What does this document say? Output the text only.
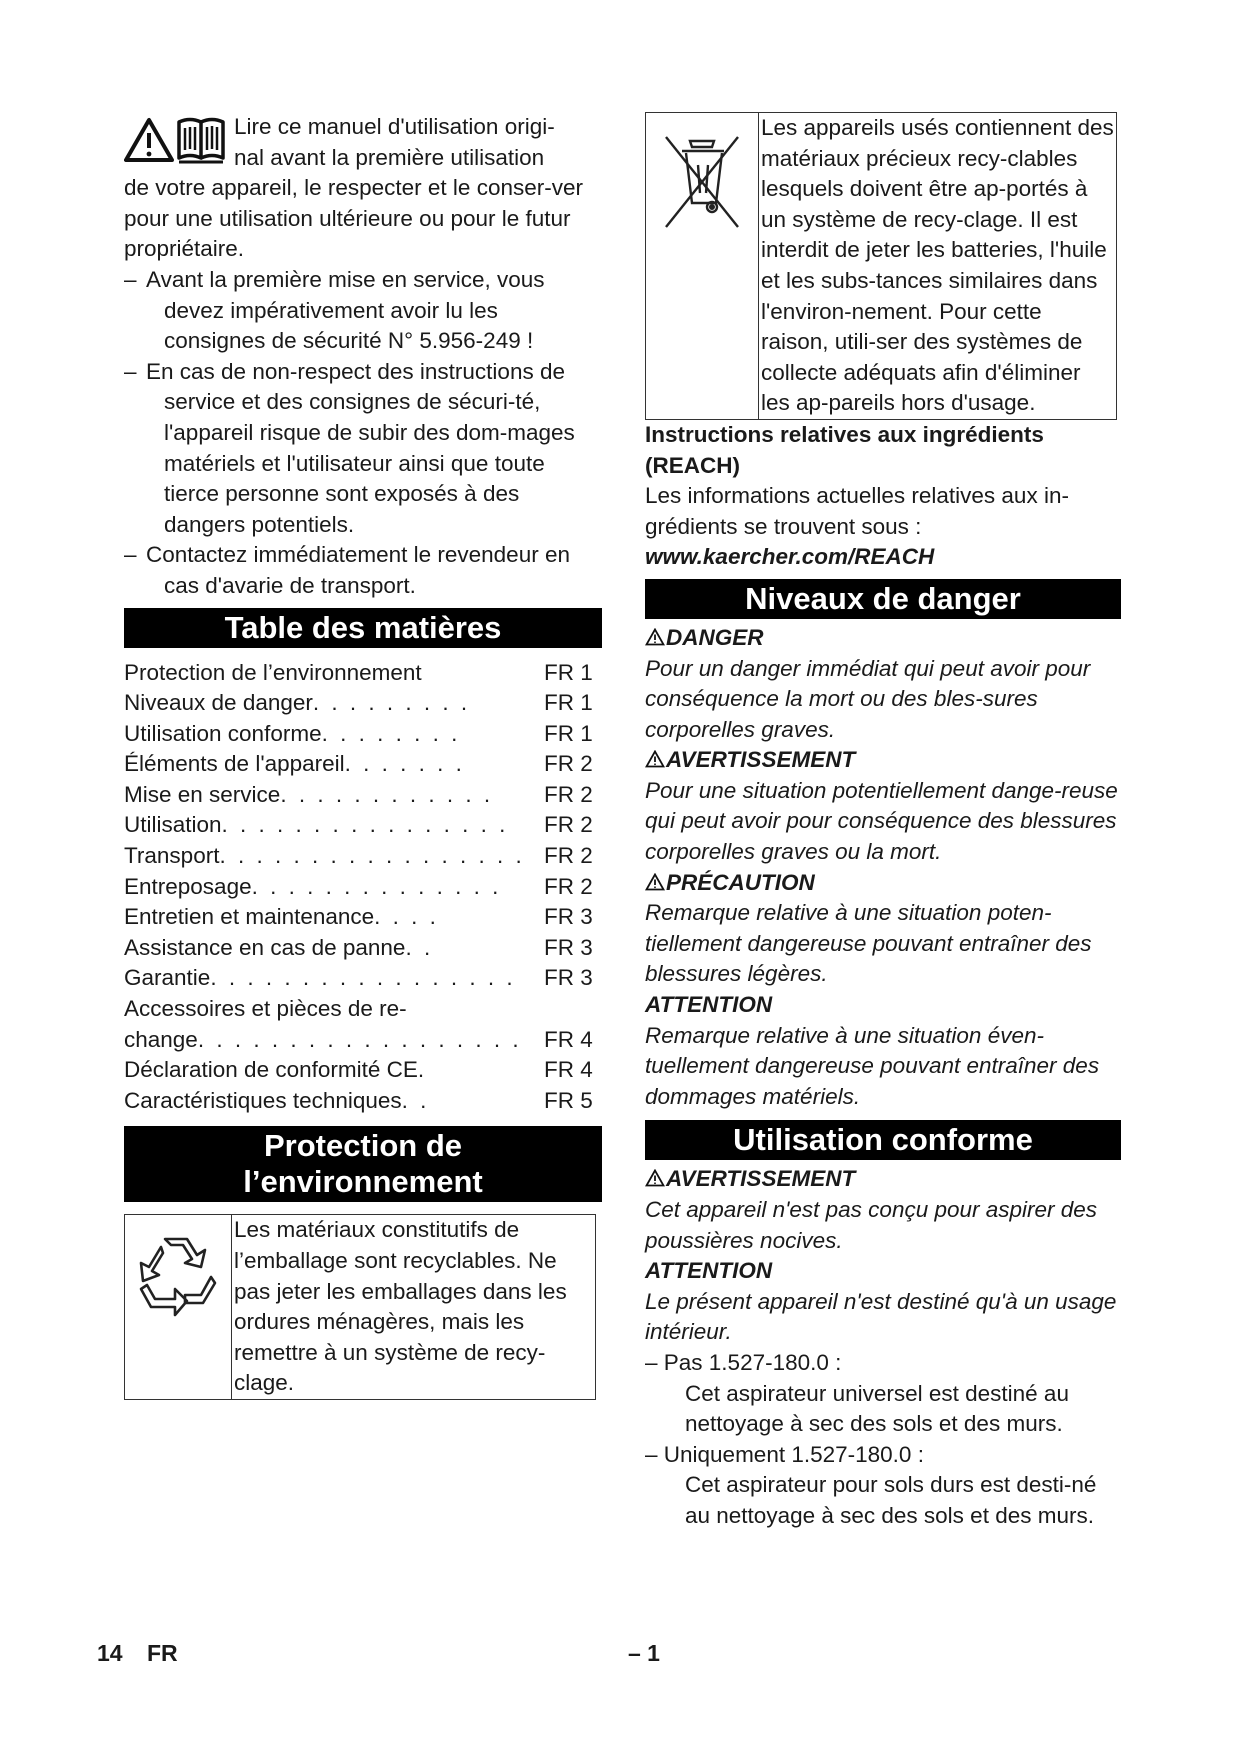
Lire ce manuel d'utilisation origi-

nal avant la première utilisation

de votre appareil, le respecter et le conser-ver pour une utilisation ultérieure ou pour le futur propriétaire.

– Avant la première mise en service, vous devez impérativement avoir lu les consignes de sécurité N° 5.956-249 !

– En cas de non-respect des instructions de service et des consignes de sécuri-té, l'appareil risque de subir des dom-mages matériels et l'utilisateur ainsi que toute tierce personne sont exposés à des dangers potentiels.

– Contactez immédiatement le revendeur en cas d'avarie de transport.

Table des matières
Protection de l’environnement	FR 1
Niveaux de danger . . . . . . . . .	FR 1
Utilisation conforme . . . . . . . .	FR 1
Éléments de l'appareil . . . . . . .	FR 2
Mise en service . . . . . . . . . . . .	FR 2
Utilisation . . . . . . . . . . . . . . . .	FR 2
Transport . . . . . . . . . . . . . . . . . FR 2
Entreposage . . . . . . . . . . . . . .	FR 2
Entretien et maintenance . . . .	FR 3
Assistance en cas de panne . .	FR 3
Garantie . . . . . . . . . . . . . . . . .	FR 3
Accessoires et pièces de re-
change . . . . . . . . . . . . . . . . . . FR 4
Déclaration de conformité CE .	FR 4
Caractéristiques techniques . .	FR 5
Protection de
l’environnement

Les matériaux constitutifs de l’emballage sont recyclables. Ne pas jeter les emballages dans les ordures ménagères, mais les remettre à un système de recy-clage.

Les appareils usés contiennent des matériaux précieux recy-clables lesquels doivent être ap-portés à un système de recy-clage. Il est interdit de jeter les batteries, l'huile et les subs-tances similaires dans l'environ-nement. Pour cette raison, utili-ser des systèmes de collecte adéquats afin d'éliminer les ap-pareils hors d'usage.

Instructions relatives aux ingrédients (REACH)

Les informations actuelles relatives aux in-grédients se trouvent sous :

www.kaercher.com/REACH

Niveaux de danger

DANGER

Pour un danger immédiat qui peut avoir pour conséquence la mort ou des bles-sures corporelles graves.

AVERTISSEMENT

Pour une situation potentiellement dange-reuse qui peut avoir pour conséquence des blessures corporelles graves ou la mort.

PRÉCAUTION

Remarque relative à une situation poten-tiellement dangereuse pouvant entraîner des blessures légères.

ATTENTION

Remarque relative à une situation éven-tuellement dangereuse pouvant entraîner des dommages matériels.

Utilisation conforme

AVERTISSEMENT

Cet appareil n'est pas conçu pour aspirer des poussières nocives.

ATTENTION

Le présent appareil n'est destiné qu'à un usage intérieur.

– Pas 1.527-180.0 :

Cet aspirateur universel est destiné au nettoyage à sec des sols et des murs.

– Uniquement 1.527-180.0 :

Cet aspirateur pour sols durs est desti-né au nettoyage à sec des sols et des murs.

14 FR	– 1
